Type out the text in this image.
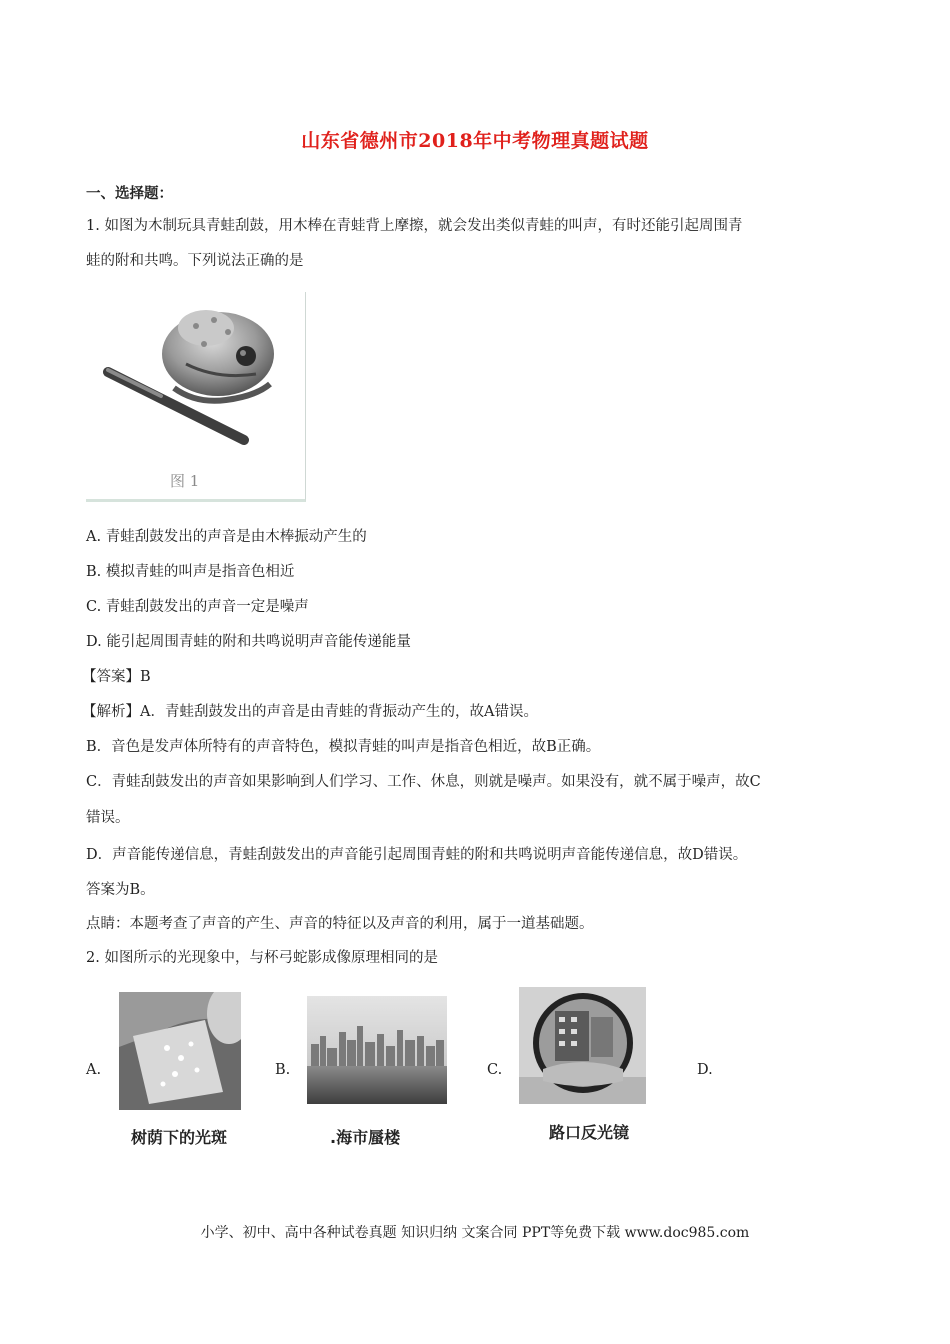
山东省德州市2018年中考物理真题试题
一、选择题：
1. 如图为木制玩具青蛙刮鼓，用木棒在青蛙背上摩擦，就会发出类似青蛙的叫声，有时还能引起周围青
蛙的附和共鸣。下列说法正确的是
图 1
A. 青蛙刮鼓发出的声音是由木棒振动产生的
B. 模拟青蛙的叫声是指音色相近
C. 青蛙刮鼓发出的声音一定是噪声
D. 能引起周围青蛙的附和共鸣说明声音能传递能量
【答案】B
【解析】A．青蛙刮鼓发出的声音是由青蛙的背振动产生的，故A错误。
B．音色是发声体所特有的声音特色，模拟青蛙的叫声是指音色相近，故B正确。
C．青蛙刮鼓发出的声音如果影响到人们学习、工作、休息，则就是噪声。如果没有，就不属于噪声，故C
错误。
D．声音能传递信息，青蛙刮鼓发出的声音能引起周围青蛙的附和共鸣说明声音能传递信息，故D错误。
答案为B。
点睛：本题考查了声音的产生、声音的特征以及声音的利用，属于一道基础题。
2. 如图所示的光现象中，与杯弓蛇影成像原理相同的是
A.	B.	C.	D.
树荫下的光斑	.海市蜃楼	路口反光镜
小学、初中、高中各种试卷真题 知识归纳 文案合同 PPT等免费下载 www.doc985.com
